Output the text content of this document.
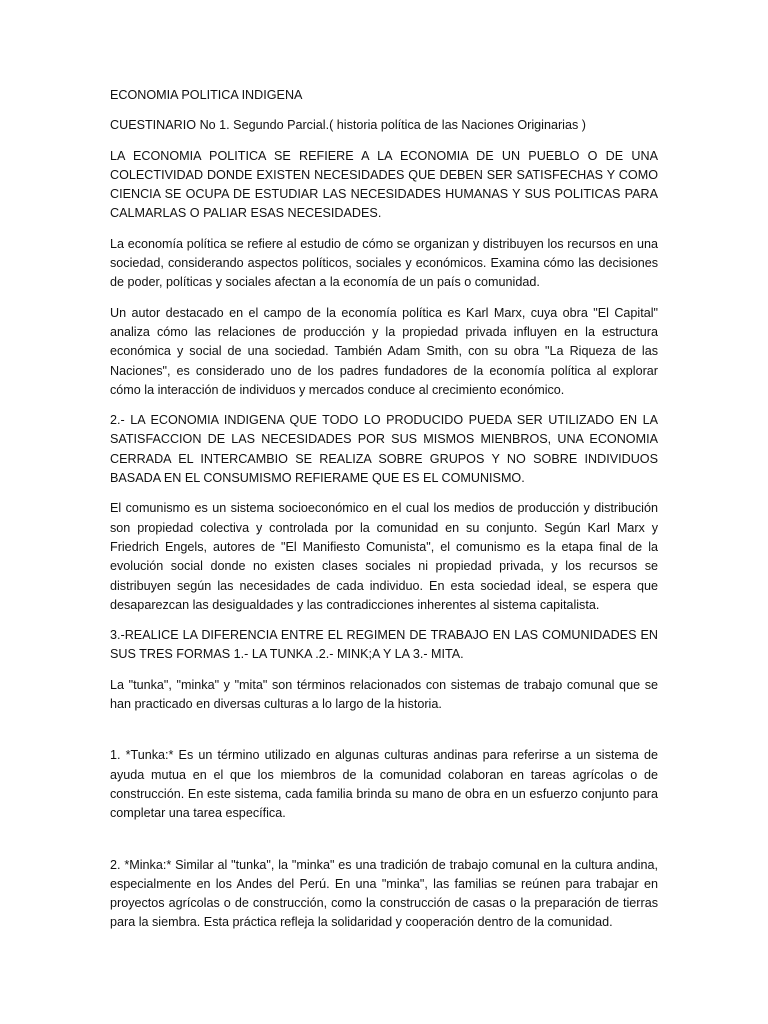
ECONOMIA POLITICA INDIGENA

CUESTINARIO No 1. Segundo Parcial.( historia política de las Naciones Originarias )

LA ECONOMIA POLITICA SE REFIERE A LA ECONOMIA DE UN PUEBLO O DE UNA COLECTIVIDAD DONDE EXISTEN NECESIDADES QUE DEBEN SER SATISFECHAS Y COMO CIENCIA SE OCUPA DE ESTUDIAR LAS NECESIDADES HUMANAS Y SUS POLITICAS PARA CALMARLAS O PALIAR ESAS NECESIDADES.

La economía política se refiere al estudio de cómo se organizan y distribuyen los recursos en una sociedad, considerando aspectos políticos, sociales y económicos. Examina cómo las decisiones de poder, políticas y sociales afectan a la economía de un país o comunidad.

Un autor destacado en el campo de la economía política es Karl Marx, cuya obra "El Capital" analiza cómo las relaciones de producción y la propiedad privada influyen en la estructura económica y social de una sociedad. También Adam Smith, con su obra "La Riqueza de las Naciones", es considerado uno de los padres fundadores de la economía política al explorar cómo la interacción de individuos y mercados conduce al crecimiento económico.

2.- LA ECONOMIA INDIGENA QUE TODO LO PRODUCIDO PUEDA SER UTILIZADO EN LA SATISFACCION DE LAS NECESIDADES POR SUS MISMOS MIENBROS, UNA ECONOMIA CERRADA EL INTERCAMBIO SE REALIZA SOBRE GRUPOS Y NO SOBRE INDIVIDUOS BASADA EN EL CONSUMISMO REFIERAME QUE ES EL COMUNISMO.

El comunismo es un sistema socioeconómico en el cual los medios de producción y distribución son propiedad colectiva y controlada por la comunidad en su conjunto. Según Karl Marx y Friedrich Engels, autores de "El Manifiesto Comunista", el comunismo es la etapa final de la evolución social donde no existen clases sociales ni propiedad privada, y los recursos se distribuyen según las necesidades de cada individuo. En esta sociedad ideal, se espera que desaparezcan las desigualdades y las contradicciones inherentes al sistema capitalista.

3.-REALICE LA DIFERENCIA ENTRE EL REGIMEN DE TRABAJO EN LAS COMUNIDADES EN SUS TRES FORMAS 1.- LA TUNKA .2.- MINK;A Y LA 3.- MITA.

La "tunka", "minka" y "mita" son términos relacionados con sistemas de trabajo comunal que se han practicado en diversas culturas a lo largo de la historia.

1. *Tunka:* Es un término utilizado en algunas culturas andinas para referirse a un sistema de ayuda mutua en el que los miembros de la comunidad colaboran en tareas agrícolas o de construcción. En este sistema, cada familia brinda su mano de obra en un esfuerzo conjunto para completar una tarea específica.

2. *Minka:* Similar al "tunka", la "minka" es una tradición de trabajo comunal en la cultura andina, especialmente en los Andes del Perú. En una "minka", las familias se reúnen para trabajar en proyectos agrícolas o de construcción, como la construcción de casas o la preparación de tierras para la siembra. Esta práctica refleja la solidaridad y cooperación dentro de la comunidad.
